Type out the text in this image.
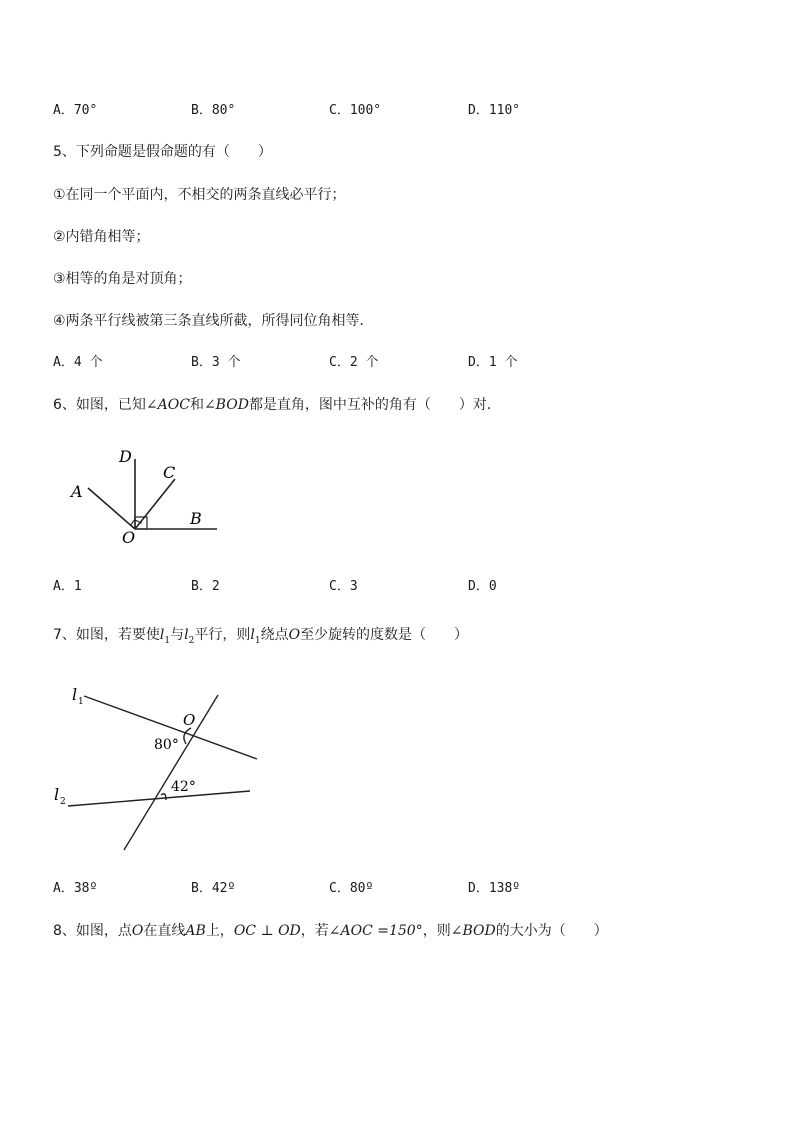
A．70°	B．80°	C．100°	D．110°
5、下列命题是假命题的有（　　）
①在同一个平面内，不相交的两条直线必平行；
②内错角相等；
③相等的角是对顶角；
④两条平行线被第三条直线所截，所得同位角相等．
A．4 个	B．3 个	C．2 个	D．1 个
6、如图，已知∠AOC和∠BOD都是直角，图中互补的角有（　　）对．
D
C
A
B
O
A．1	B．2	C．3	D．0
7、如图，若要使$l_1$与$l_2$平行，则$l_1$绕点O至少旋转的度数是（　　）
l 1
l 2
O
80°
42°
A．38º	B．42º	C．80º	D．138º
8、如图，点O在直线AB上，OC ⊥ OD，若∠AOC =150°，则∠BOD的大小为（　　）
